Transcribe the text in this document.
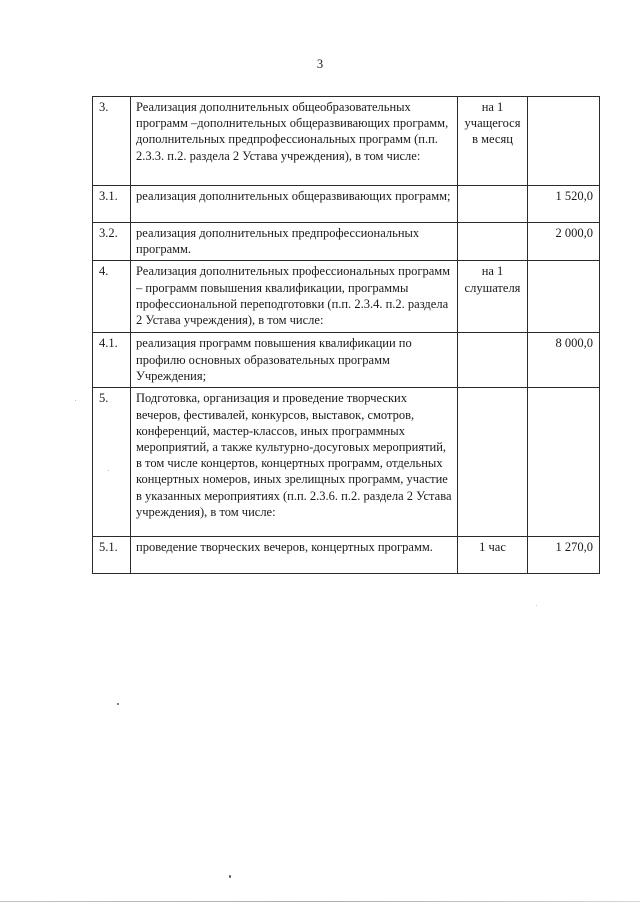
3
3.	Реализация дополнительных общеобразовательных программ –дополнительных общеразвивающих программ, дополнительных предпрофессиональных программ (п.п. 2.3.3. п.2. раздела 2 Устава учреждения), в том числе:	на 1 учащегося в месяц	
3.1.	реализация дополнительных общеразвивающих программ;		1 520,0
3.2.	реализация дополнительных предпрофессиональных программ.		2 000,0
4.	Реализация дополнительных профессиональных программ – программ повышения квалификации, программы профессиональной переподготовки (п.п. 2.3.4. п.2. раздела 2 Устава учреждения), в том числе:	на 1 слушателя	
4.1.	реализация программ повышения квалификации по профилю основных образовательных программ Учреждения;		8 000,0
5.	Подготовка, организация и проведение творческих вечеров, фестивалей, конкурсов, выставок, смотров, конференций, мастер-классов, иных программных мероприятий, а также культурно-досуговых мероприятий, в том числе концертов, концертных программ, отдельных концертных номеров, иных зрелищных программ, участие в указанных мероприятиях (п.п. 2.3.6. п.2. раздела 2 Устава учреждения), в том числе:		
5.1.	проведение творческих вечеров, концертных программ.	1 час	1 270,0
